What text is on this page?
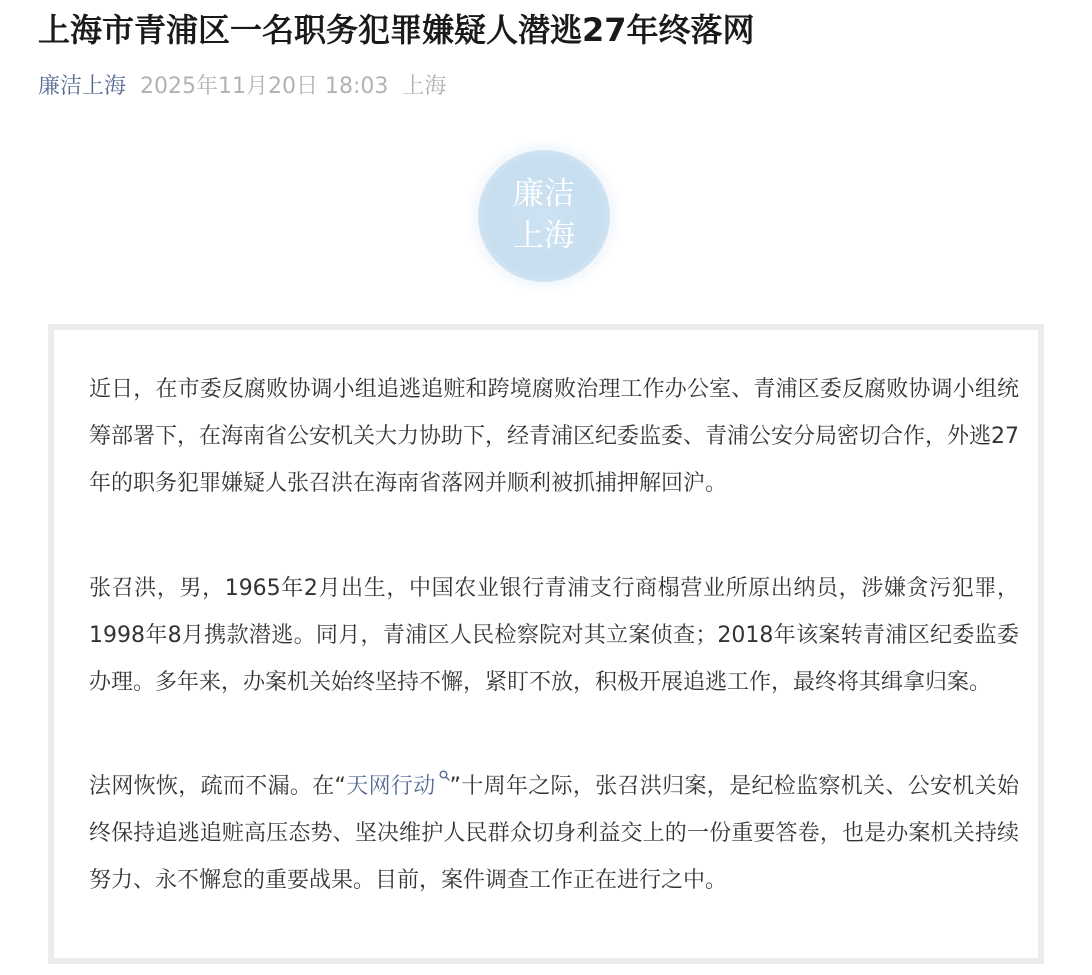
上海市青浦区一名职务犯罪嫌疑人潜逃27年终落网
廉洁上海 2025年11月20日 18:03 上海
廉洁
上海

近日，在市委反腐败协调小组追逃追赃和跨境腐败治理工作办公室、青浦区委反腐败协调小组统筹部署下，在海南省公安机关大力协助下，经青浦区纪委监委、青浦公安分局密切合作，外逃27年的职务犯罪嫌疑人张召洪在海南省落网并顺利被抓捕押解回沪。

张召洪，男，1965年2月出生，中国农业银行青浦支行商榻营业所原出纳员，涉嫌贪污犯罪，1998年8月携款潜逃。同月，青浦区人民检察院对其立案侦查；2018年该案转青浦区纪委监委办理。多年来，办案机关始终坚持不懈，紧盯不放，积极开展追逃工作，最终将其缉拿归案。

法网恢恢，疏而不漏。在“天网行动 ”十周年之际，张召洪归案，是纪检监察机关、公安机关始终保持追逃追赃高压态势、坚决维护人民群众切身利益交上的一份重要答卷，也是办案机关持续努力、永不懈怠的重要战果。目前，案件调查工作正在进行之中。
